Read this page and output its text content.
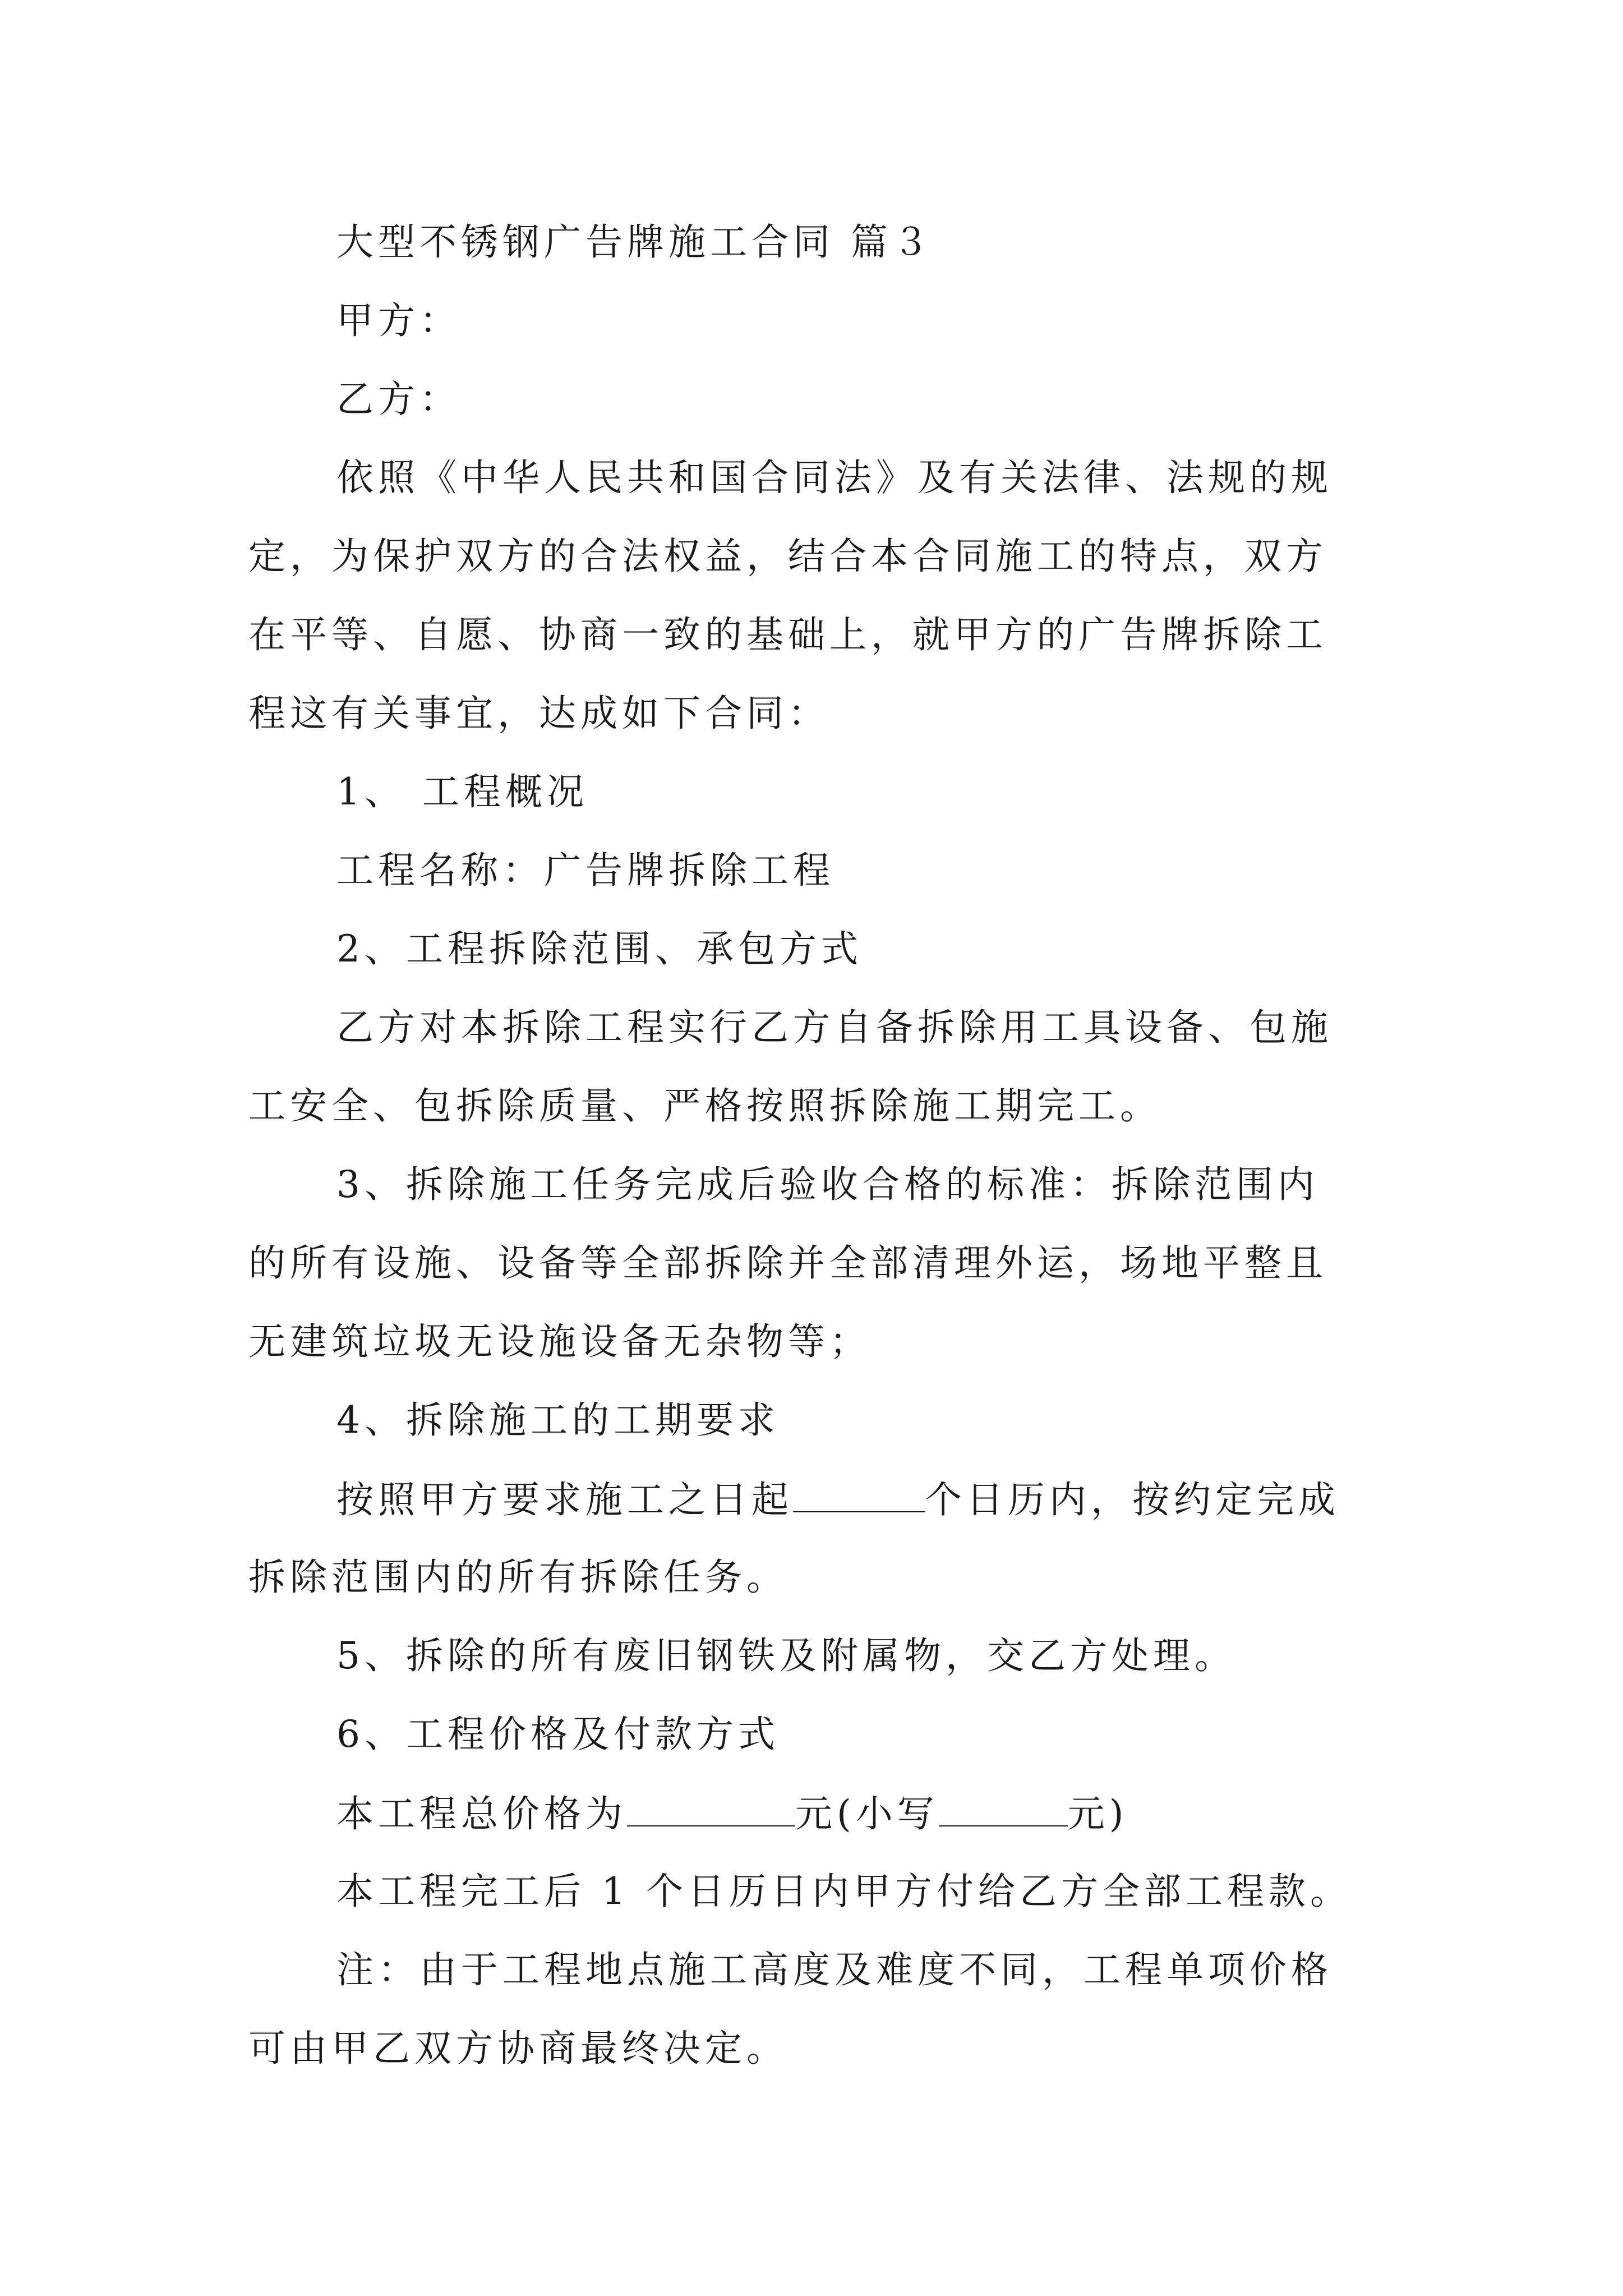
大型不锈钢广告牌施工合同 篇３
甲方：
乙方：
依照《中华人民共和国合同法》及有关法律、法规的规
定，为保护双方的合法权益，结合本合同施工的特点，双方
在平等、自愿、协商一致的基础上，就甲方的广告牌拆除工
程这有关事宜，达成如下合同：
1、 工程概况
工程名称：广告牌拆除工程
2、工程拆除范围、承包方式
乙方对本拆除工程实行乙方自备拆除用工具设备、包施
工安全、包拆除质量、严格按照拆除施工期完工。
3、拆除施工任务完成后验收合格的标准：拆除范围内
的所有设施、设备等全部拆除并全部清理外运，场地平整且
无建筑垃圾无设施设备无杂物等；
4、拆除施工的工期要求
按照甲方要求施工之日起	个日历内，按约定完成
拆除范围内的所有拆除任务。
5、拆除的所有废旧钢铁及附属物，交乙方处理。
6、工程价格及付款方式
本工程总价格为	元(小写	元)
本工程完工后 1 个日历日内甲方付给乙方全部工程款。
注：由于工程地点施工高度及难度不同，工程单项价格
可由甲乙双方协商最终决定。
